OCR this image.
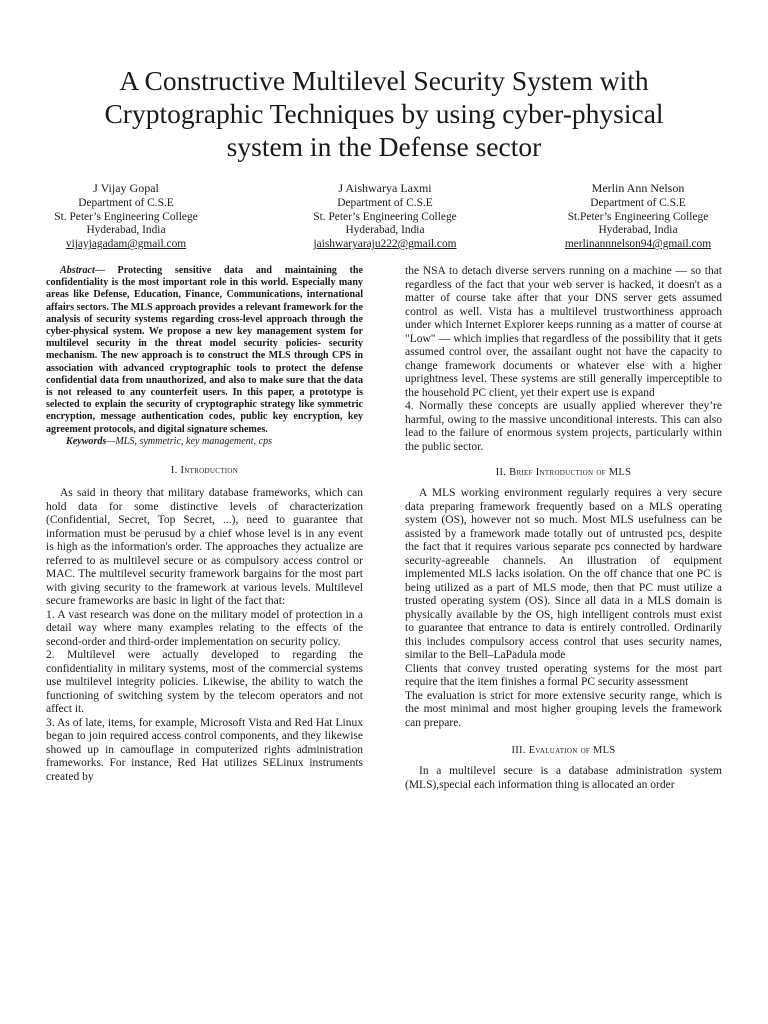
A Constructive Multilevel Security System with
Cryptographic Techniques by using cyber-physical
system in the Defense sector
J Vijay Gopal
Department of C.S.E
St. Peter’s Engineering College
Hyderabad, India
vijayjagadam@gmail.com
J Aishwarya Laxmi
Department of C.S.E
St. Peter’s Engineering College
Hyderabad, India
jaishwaryaraju222@gmail.com
Merlin Ann Nelson
Department of C.S.E
St.Peter’s Engineering College
Hyderabad, India
merlinannnelson94@gmail.com

Abstract— Protecting sensitive data and maintaining the confidentiality is the most important role in this world. Especially many areas like Defense, Education, Finance, Communications, international affairs sectors. The MLS approach provides a relevant framework for the analysis of security systems regarding cross-level approach through the cyber-physical system. We propose a new key management system for multilevel security in the threat model security policies- security mechanism. The new approach is to construct the MLS through CPS in association with advanced cryptographic tools to protect the defense confidential data from unauthorized, and also to make sure that the data is not released to any counterfeit users. In this paper, a prototype is selected to explain the security of cryptographic strategy like symmetric encryption, message authentication codes, public key encryption, key agreement protocols, and digital signature schemes.

Keywords—MLS, symmetric, key management, cps

I. Introduction

As said in theory that military database frameworks, which can hold data for some distinctive levels of characterization (Confidential, Secret, Top Secret, ...), need to guarantee that information must be perusud by a chief whose level is in any event is high as the information's order. The approaches they actualize are referred to as multilevel secure or as compulsory access control or MAC. The multilevel security framework bargains for the most part with giving security to the framework at various levels. Multilevel secure frameworks are basic in light of the fact that:

1. A vast research was done on the military model of protection in a detail way where many examples relating to the effects of the second-order and third-order implementation on security policy.

2. Multilevel were actually developed to regarding the confidentiality in military systems, most of the commercial systems use multilevel integrity policies. Likewise, the ability to watch the functioning of switching system by the telecom operators and not affect it.

3. As of late, items, for example, Microsoft Vista and Red Hat Linux began to join required access control components, and they likewise showed up in camouflage in computerized rights administration frameworks. For instance, Red Hat utilizes SELinux instruments created by

the NSA to detach diverse servers running on a machine — so that regardless of the fact that your web server is hacked, it doesn't as a matter of course take after that your DNS server gets assumed control as well. Vista has a multilevel trustworthiness approach under which Internet Explorer keeps running as a matter of course at "Low" — which implies that regardless of the possibility that it gets assumed control over, the assailant ought not have the capacity to change framework documents or whatever else with a higher uprightness level. These systems are still generally imperceptible to the household PC client, yet their expert use is expand

4. Normally these concepts are usually applied wherever they’re harmful, owing to the massive unconditional interests. This can also lead to the failure of enormous system projects, particularly within the public sector.

II. Brief Introduction of MLS

A MLS working environment regularly requires a very secure data preparing framework frequently based on a MLS operating system (OS), however not so much. Most MLS usefulness can be assisted by a framework made totally out of untrusted pcs, despite the fact that it requires various separate pcs connected by hardware security-agreeable channels. An illustration of equipment implemented MLS lacks isolation. On the off chance that one PC is being utilized as a part of MLS mode, then that PC must utilize a trusted operating system (OS). Since all data in a MLS domain is physically available by the OS, high intelligent controls must exist to guarantee that entrance to data is entirely controlled. Ordinarily this includes compulsory access control that uses security names, similar to the Bell–LaPadula mode

Clients that convey trusted operating systems for the most part require that the item finishes a formal PC security assessment

The evaluation is strict for more extensive security range, which is the most minimal and most higher grouping levels the framework can prepare.

III. Evaluation of MLS

In a multilevel secure is a database administration system (MLS),special each information thing is allocated an order
